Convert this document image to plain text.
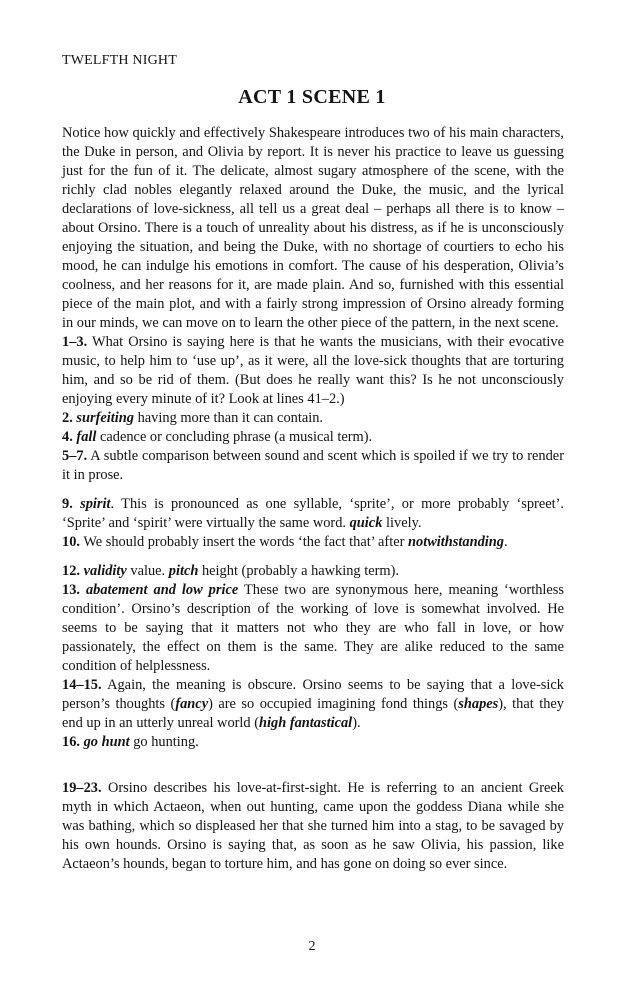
TWELFTH NIGHT
ACT 1 SCENE 1

Notice how quickly and effectively Shakespeare introduces two of his main characters, the Duke in person, and Olivia by report. It is never his practice to leave us guessing just for the fun of it. The delicate, almost sugary atmosphere of the scene, with the richly clad nobles elegantly relaxed around the Duke, the music, and the lyrical declarations of love-sickness, all tell us a great deal – perhaps all there is to know – about Orsino. There is a touch of unreality about his distress, as if he is unconsciously enjoying the situation, and being the Duke, with no shortage of courtiers to echo his mood, he can indulge his emotions in comfort. The cause of his desperation, Olivia’s coolness, and her reasons for it, are made plain. And so, furnished with this essential piece of the main plot, and with a fairly strong impression of Orsino already forming in our minds, we can move on to learn the other piece of the pattern, in the next scene.

1–3. What Orsino is saying here is that he wants the musicians, with their evocative music, to help him to ‘use up’, as it were, all the love-sick thoughts that are torturing him, and so be rid of them. (But does he really want this? Is he not unconsciously enjoying every minute of it? Look at lines 41–2.)

2. surfeiting having more than it can contain.

4. fall cadence or concluding phrase (a musical term).

5–7. A subtle comparison between sound and scent which is spoiled if we try to render it in prose.

9. spirit. This is pronounced as one syllable, ‘sprite’, or more probably ‘spreet’. ‘Sprite’ and ‘spirit’ were virtually the same word. quick lively.

10. We should probably insert the words ‘the fact that’ after notwithstanding.

12. validity value. pitch height (probably a hawking term).

13. abatement and low price These two are synonymous here, meaning ‘worthless condition’. Orsino’s description of the working of love is somewhat involved. He seems to be saying that it matters not who they are who fall in love, or how passionately, the effect on them is the same. They are alike reduced to the same condition of helplessness.

14–15. Again, the meaning is obscure. Orsino seems to be saying that a love-sick person’s thoughts (fancy) are so occupied imagining fond things (shapes), that they end up in an utterly unreal world (high fantastical).

16. go hunt go hunting.

19–23. Orsino describes his love-at-first-sight. He is referring to an ancient Greek myth in which Actaeon, when out hunting, came upon the goddess Diana while she was bathing, which so displeased her that she turned him into a stag, to be savaged by his own hounds. Orsino is saying that, as soon as he saw Olivia, his passion, like Actaeon’s hounds, began to torture him, and has gone on doing so ever since.

2
